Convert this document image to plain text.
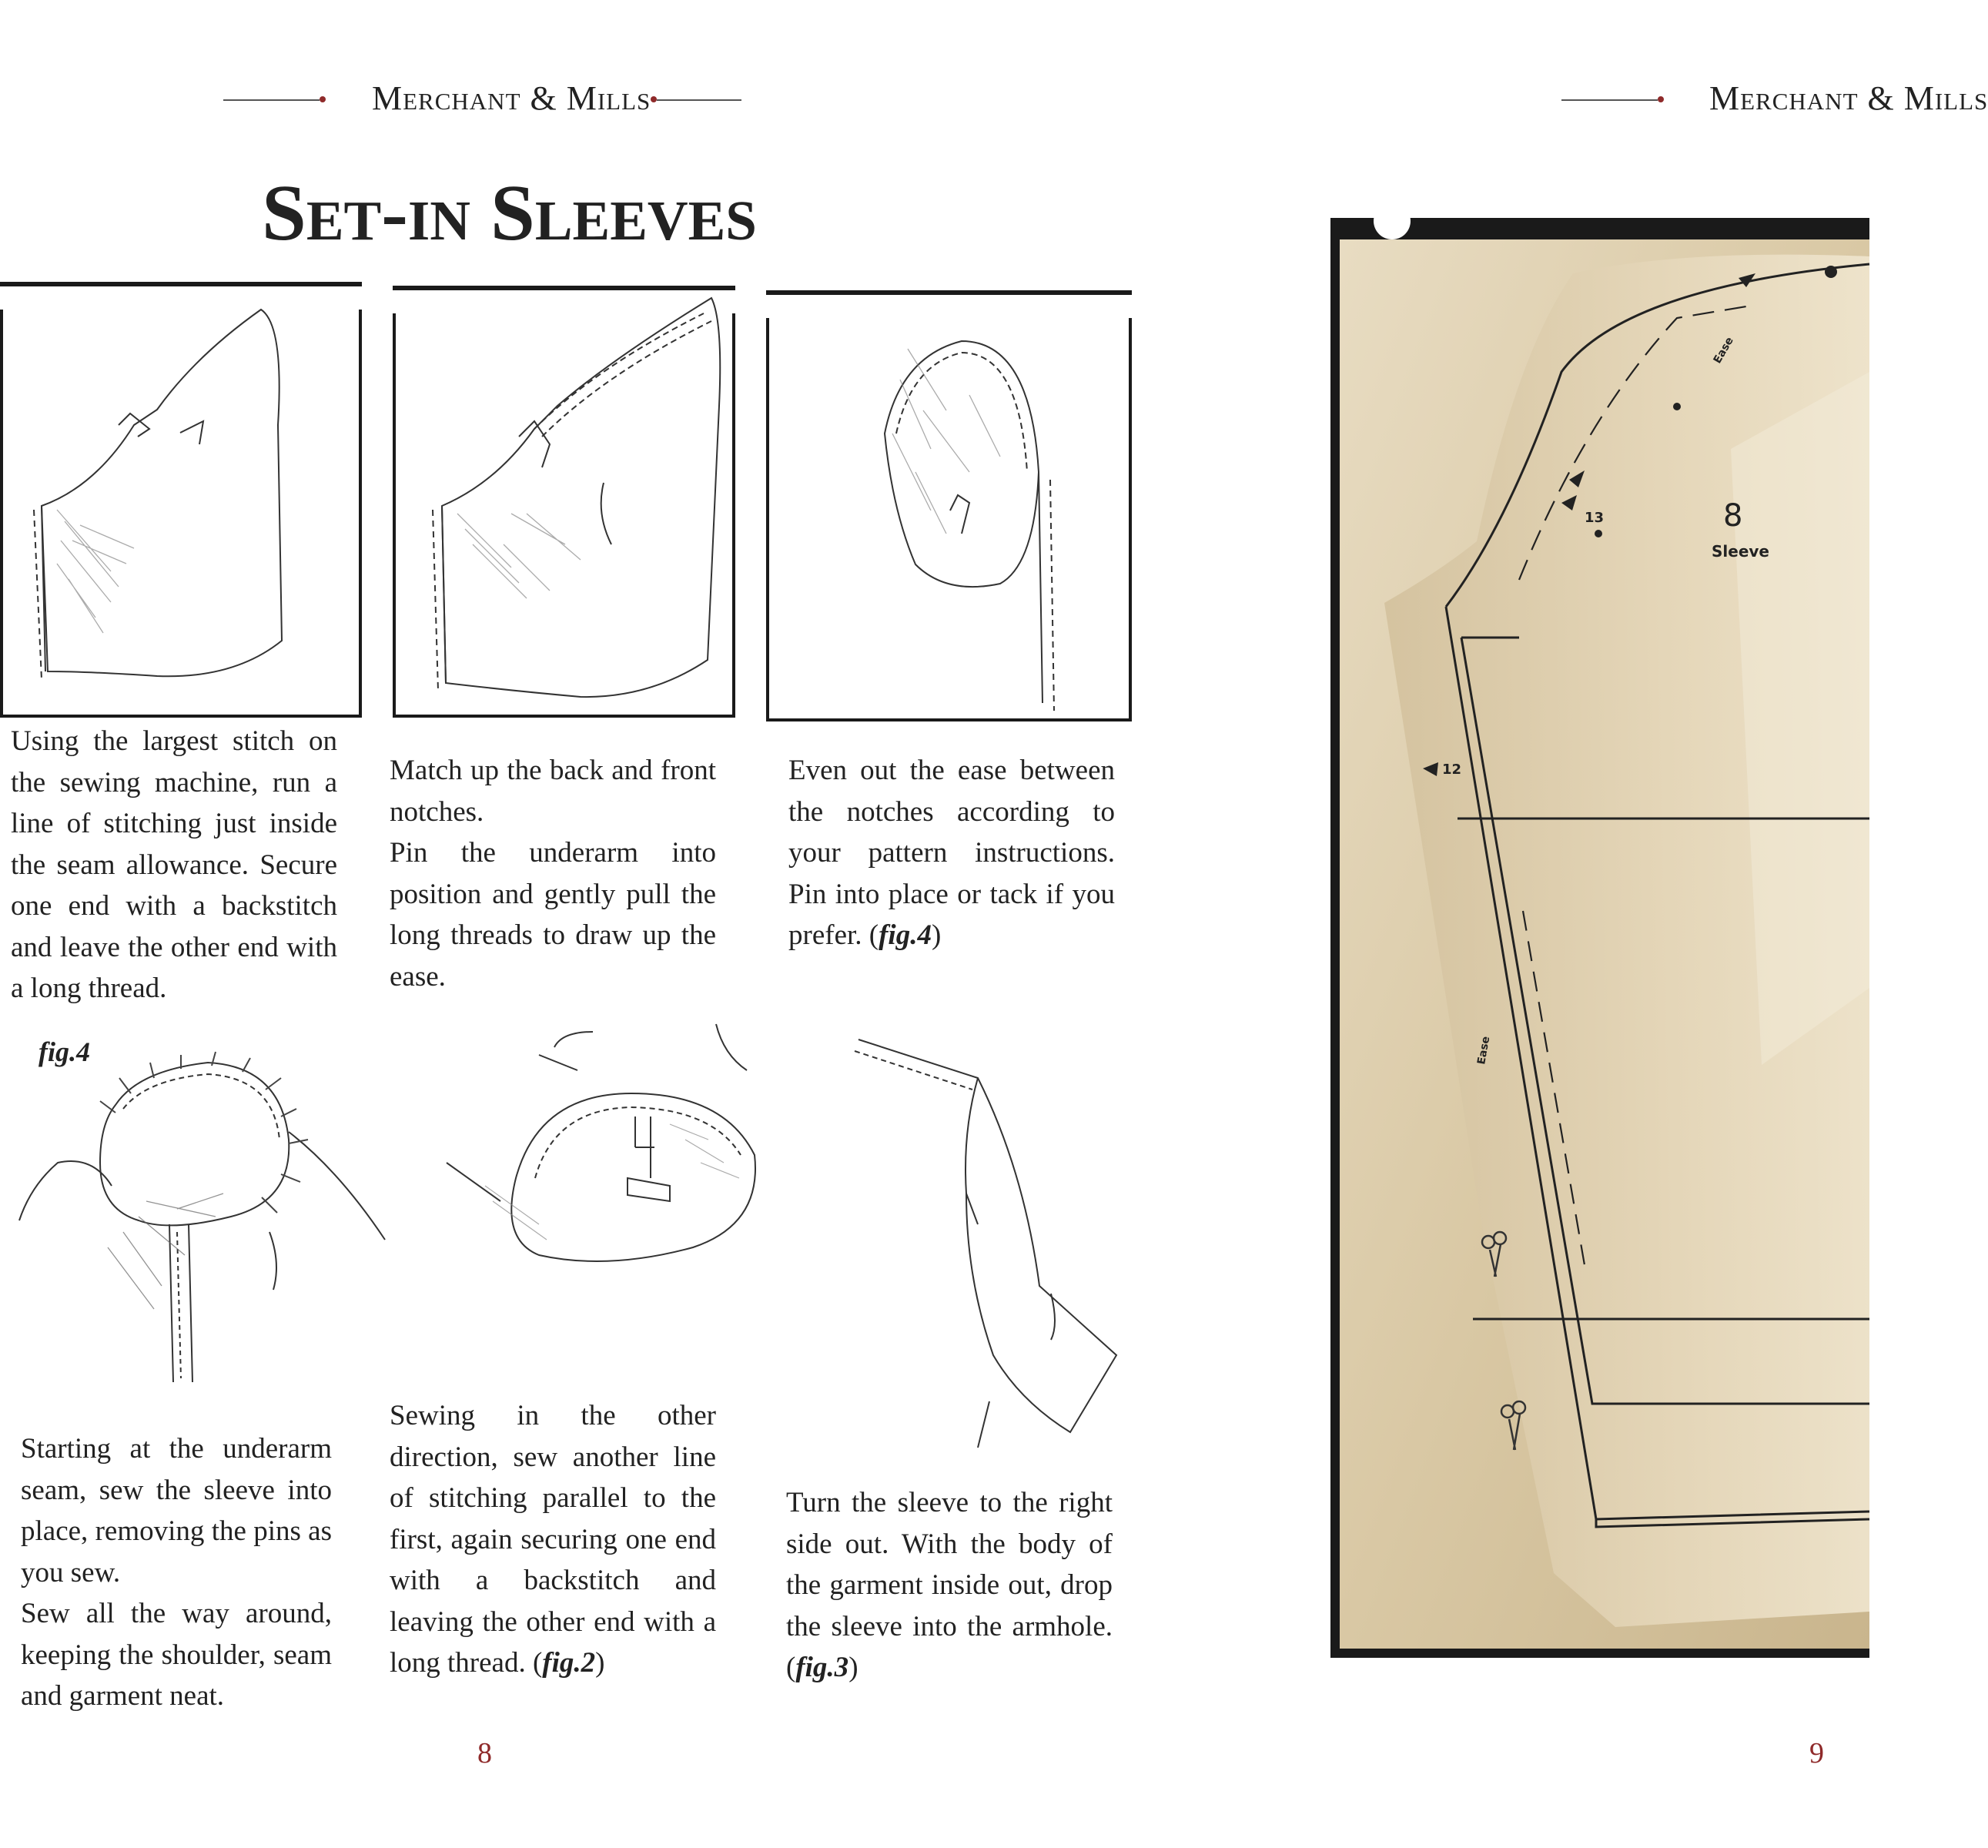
Merchant & Mills	Merchant & Mills
Set-in Sleeves

Using the largest stitch on the sewing machine, run a line of stitching just inside the seam allowance. Secure one end with a backstitch and leave the other end with a long thread.

Match up the back and front notches.

Pin the underarm into position and gently pull the long threads to draw up the ease.

Even out the ease between the notches according to your pattern instructions. Pin into place or tack if you prefer. (fig.4)

fig.4

Starting at the underarm seam, sew the sleeve into place, removing the pins as you sew.

Sew all the way around, keeping the shoulder, seam and garment neat.

Sewing in the other direction, sew another line of stitching parallel to the first, again securing one end with a backstitch and leaving the other end with a long thread. (fig.2)

Turn the sleeve to the right side out. With the body of the garment inside out, drop the sleeve into the armhole. (fig.3)

8	9
8
Sleeve
Ease
Ease
12
13
